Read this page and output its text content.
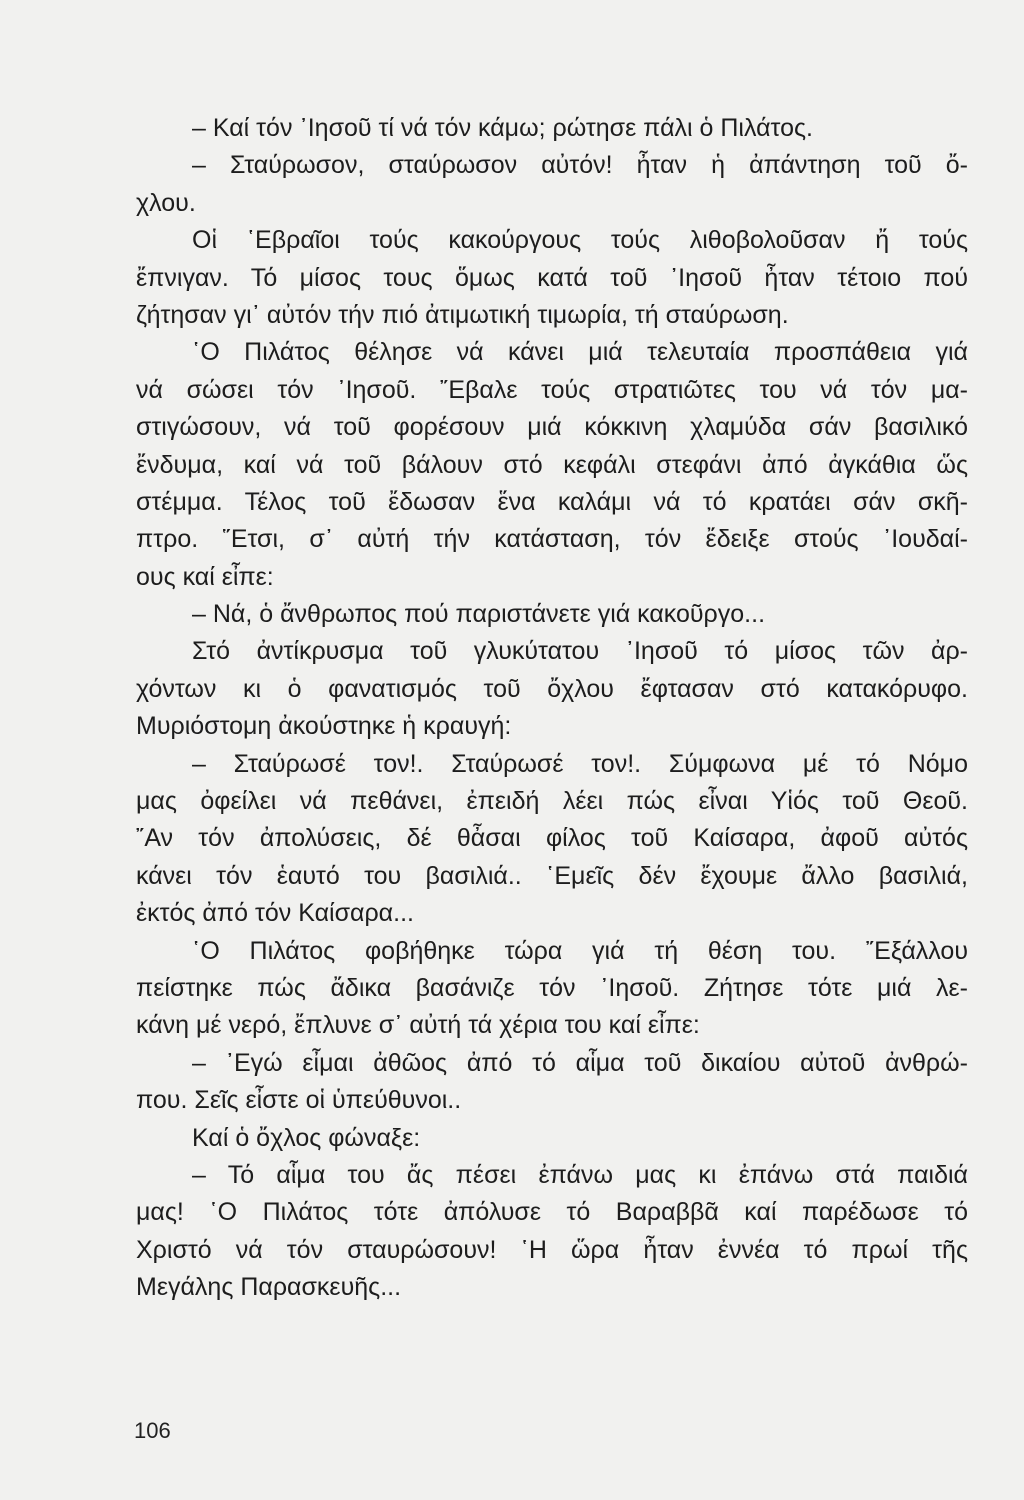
– Καί τόν ᾿Ιησοῦ τί νά τόν κάμω; ρώτησε πάλι ὁ Πιλάτος.
– Σταύρωσον, σταύρωσον αὐτόν! ἦταν ἡ ἀπάντηση τοῦ ὄ-
χλου.
Οἱ ῾Εβραῖοι τούς κακούργους τούς λιθοβολοῦσαν ἤ τούς
ἔπνιγαν. Τό μίσος τους ὅμως κατά τοῦ ᾿Ιησοῦ ἦταν τέτοιο πού
ζήτησαν γι᾿ αὐτόν τήν πιό ἀτιμωτική τιμωρία, τή σταύρωση.
῾Ο Πιλάτος θέλησε νά κάνει μιά τελευταία προσπάθεια γιά
νά σώσει τόν ᾿Ιησοῦ. ῎Εβαλε τούς στρατιῶτες του νά τόν μα-
στιγώσουν, νά τοῦ φορέσουν μιά κόκκινη χλαμύδα σάν βασιλικό
ἔνδυμα, καί νά τοῦ βάλουν στό κεφάλι στεφάνι ἀπό ἀγκάθια ὥς
στέμμα. Τέλος τοῦ ἔδωσαν ἕνα καλάμι νά τό κρατάει σάν σκῆ-
πτρο. ῞Ετσι, σ᾿ αὐτή τήν κατάσταση, τόν ἔδειξε στούς ᾿Ιουδαί-
ους καί εἶπε:
– Νά, ὁ ἄνθρωπος πού παριστάνετε γιά κακοῦργο...
Στό ἀντίκρυσμα τοῦ γλυκύτατου ᾿Ιησοῦ τό μίσος τῶν ἀρ-
χόντων κι ὁ φανατισμός τοῦ ὄχλου ἔφτασαν στό κατακόρυφο.
Μυριόστομη ἀκούστηκε ἡ κραυγή:
– Σταύρωσέ τον!. Σταύρωσέ τον!. Σύμφωνα μέ τό Νόμο
μας ὀφείλει νά πεθάνει, ἐπειδή λέει πώς εἶναι Υἱός τοῦ Θεοῦ.
῎Αν τόν ἀπολύσεις, δέ θἆσαι φίλος τοῦ Καίσαρα, ἀφοῦ αὐτός
κάνει τόν ἑαυτό του βασιλιά.. ῾Εμεῖς δέν ἔχουμε ἄλλο βασιλιά,
ἐκτός ἀπό τόν Καίσαρα...
῾Ο Πιλάτος φοβήθηκε τώρα γιά τή θέση του. ῎Εξάλλου
πείστηκε πώς ἄδικα βασάνιζε τόν ᾿Ιησοῦ. Ζήτησε τότε μιά λε-
κάνη μέ νερό, ἔπλυνε σ᾿ αὐτή τά χέρια του καί εἶπε:
– ᾿Εγώ εἶμαι ἀθῶος ἀπό τό αἷμα τοῦ δικαίου αὐτοῦ ἀνθρώ-
που. Σεῖς εἶστε οἱ ὑπεύθυνοι..
Καί ὁ ὄχλος φώναξε:
– Τό αἷμα του ἄς πέσει ἐπάνω μας κι ἐπάνω στά παιδιά
μας! ῾Ο Πιλάτος τότε ἀπόλυσε τό Βαραββᾶ καί παρέδωσε τό
Χριστό νά τόν σταυρώσουν! ῾Η ὥρα ἦταν ἐννέα τό πρωί τῆς
Μεγάλης Παρασκευῆς...
106
